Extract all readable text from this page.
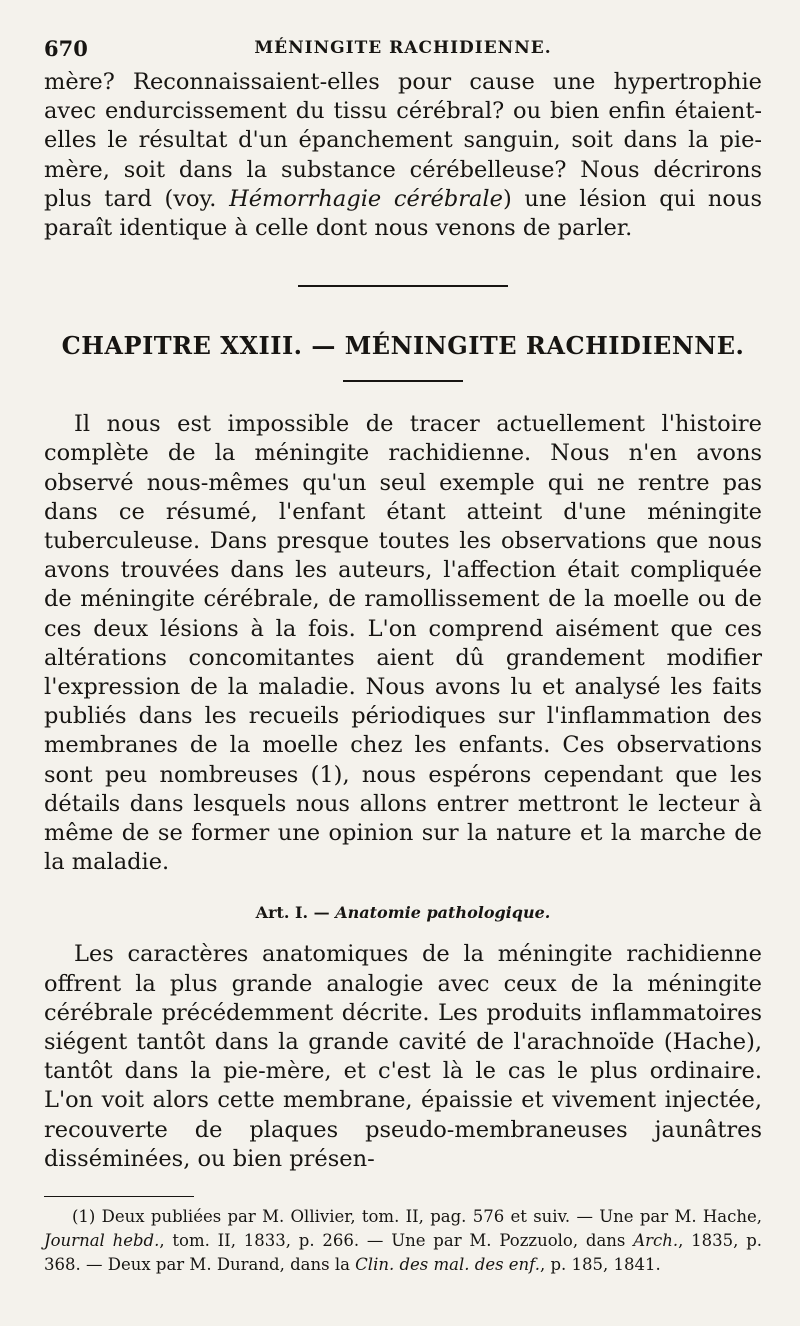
670	MÉNINGITE RACHIDIENNE.

mère? Reconnaissaient-elles pour cause une hypertrophie avec endurcissement du tissu cérébral? ou bien enfin étaient-elles le résultat d'un épanchement sanguin, soit dans la pie-mère, soit dans la substance cérébelleuse? Nous décrirons plus tard (voy. Hémorrhagie cérébrale) une lésion qui nous paraît identique à celle dont nous venons de parler.

CHAPITRE XXIII. — MÉNINGITE RACHIDIENNE.

Il nous est impossible de tracer actuellement l'histoire complète de la méningite rachidienne. Nous n'en avons observé nous-mêmes qu'un seul exemple qui ne rentre pas dans ce résumé, l'enfant étant atteint d'une méningite tuberculeuse. Dans presque toutes les observations que nous avons trouvées dans les auteurs, l'affection était compliquée de méningite cérébrale, de ramollissement de la moelle ou de ces deux lésions à la fois. L'on comprend aisément que ces altérations concomitantes aient dû grandement modifier l'expression de la maladie. Nous avons lu et analysé les faits publiés dans les recueils périodiques sur l'inflammation des membranes de la moelle chez les enfants. Ces observations sont peu nombreuses (1), nous espérons cependant que les détails dans lesquels nous allons entrer mettront le lecteur à même de se former une opinion sur la nature et la marche de la maladie.

Art. I. — Anatomie pathologique.

Les caractères anatomiques de la méningite rachidienne offrent la plus grande analogie avec ceux de la méningite cérébrale précédemment décrite. Les produits inflammatoires siégent tantôt dans la grande cavité de l'arachnoïde (Hache), tantôt dans la pie-mère, et c'est là le cas le plus ordinaire. L'on voit alors cette membrane, épaissie et vivement injectée, recouverte de plaques pseudo-membraneuses jaunâtres disséminées, ou bien présen-

(1) Deux publiées par M. Ollivier, tom. II, pag. 576 et suiv. — Une par M. Hache, Journal hebd., tom. II, 1833, p. 266. — Une par M. Pozzuolo, dans Arch., 1835, p. 368. — Deux par M. Durand, dans la Clin. des mal. des enf., p. 185, 1841.
